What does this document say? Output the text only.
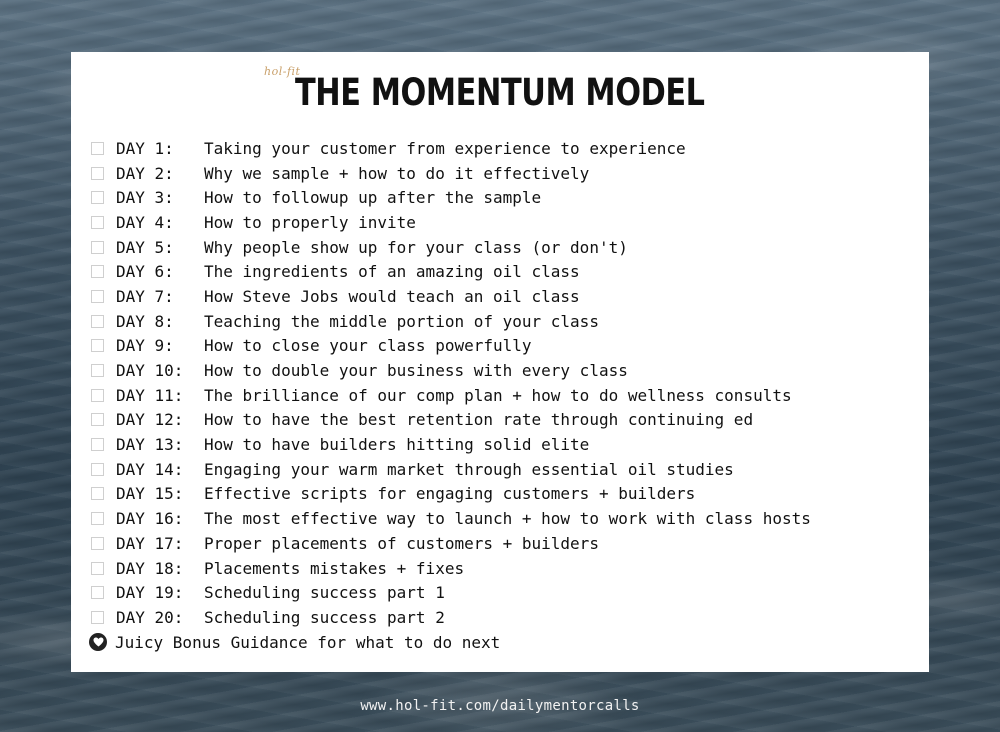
hol-fit
THE MOMENTUM MODEL
DAY 1:	Taking your customer from experience to experience
DAY 2:	Why we sample + how to do it effectively
DAY 3:	How to followup up after the sample
DAY 4:	How to properly invite
DAY 5:	Why people show up for your class (or don't)
DAY 6:	The ingredients of an amazing oil class
DAY 7:	How Steve Jobs would teach an oil class
DAY 8:	Teaching the middle portion of your class
DAY 9:	How to close your class powerfully
DAY 10:	How to double your business with every class
DAY 11:	The brilliance of our comp plan + how to do wellness consults
DAY 12:	How to have the best retention rate through continuing ed
DAY 13:	How to have builders hitting solid elite
DAY 14:	Engaging your warm market through essential oil studies
DAY 15:	Effective scripts for engaging customers + builders
DAY 16:	The most effective way to launch + how to work with class hosts
DAY 17:	Proper placements of customers + builders
DAY 18:	Placements mistakes + fixes
DAY 19:	Scheduling success part 1
DAY 20:	Scheduling success part 2
Juicy Bonus Guidance for what to do next
www.hol-fit.com/dailymentorcalls
